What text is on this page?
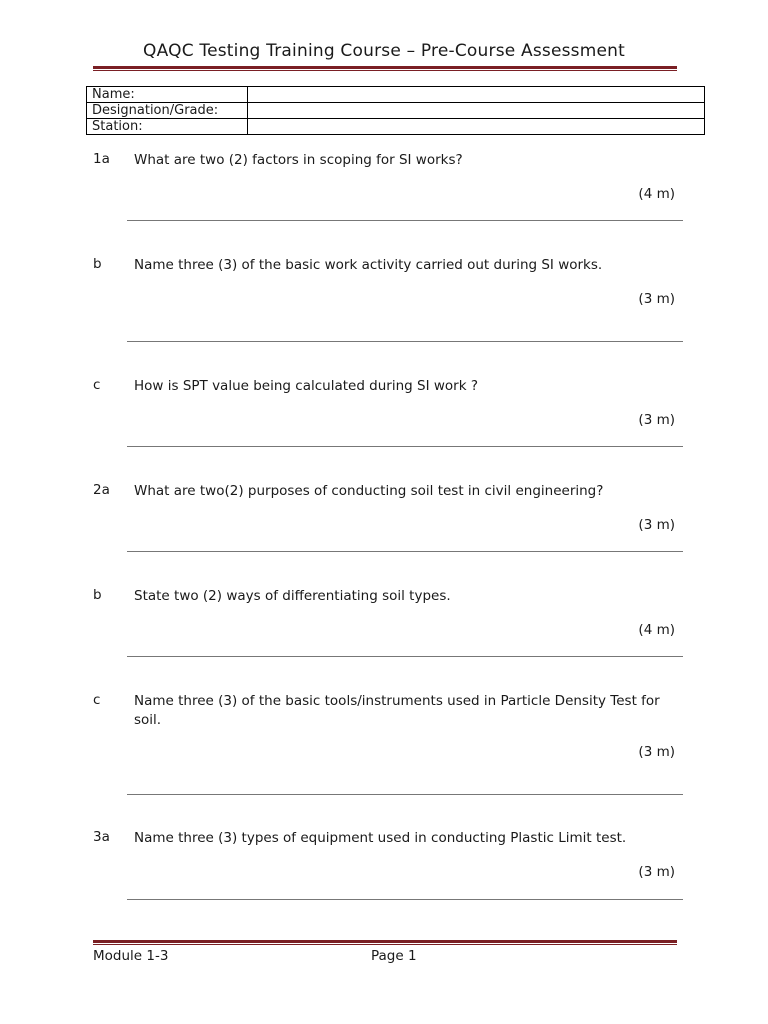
QAQC Testing Training Course – Pre-Course Assessment
Name:	
Designation/Grade:	
Station:	
1a What are two (2) factors in scoping for SI works?
(4 m)
b Name three (3) of the basic work activity carried out during SI works.
(3 m)
c How is SPT value being calculated during SI work ?
(3 m)
2a What are two(2) purposes of conducting soil test in civil engineering?
(3 m)
b State two (2) ways of differentiating soil types.
(4 m)
c Name three (3) of the basic tools/instruments used in Particle Density Test for soil.
(3 m)
3a Name three (3) types of equipment used in conducting Plastic Limit test.
(3 m)
Module 1-3	Page 1
